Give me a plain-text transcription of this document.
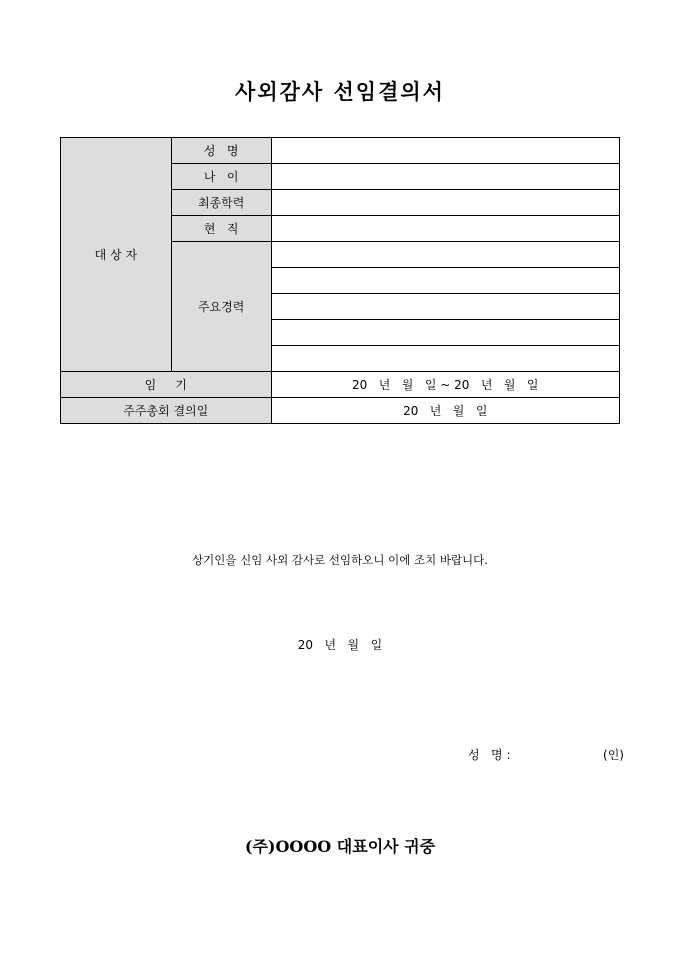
사외감사 선임결의서
대 상 자	성   명	
	나   이	
	최종학력	
	현   직	
	주요경력	

임     기		20   년   월   일 ~ 20   년   월   일
주주총회 결의일		20   년   월   일
상기인을 신임 사외 감사로 선임하오니 이에 조치 바랍니다.
20   년   월   일
성   명 :	(인)
(주)OOOO 대표이사 귀중
